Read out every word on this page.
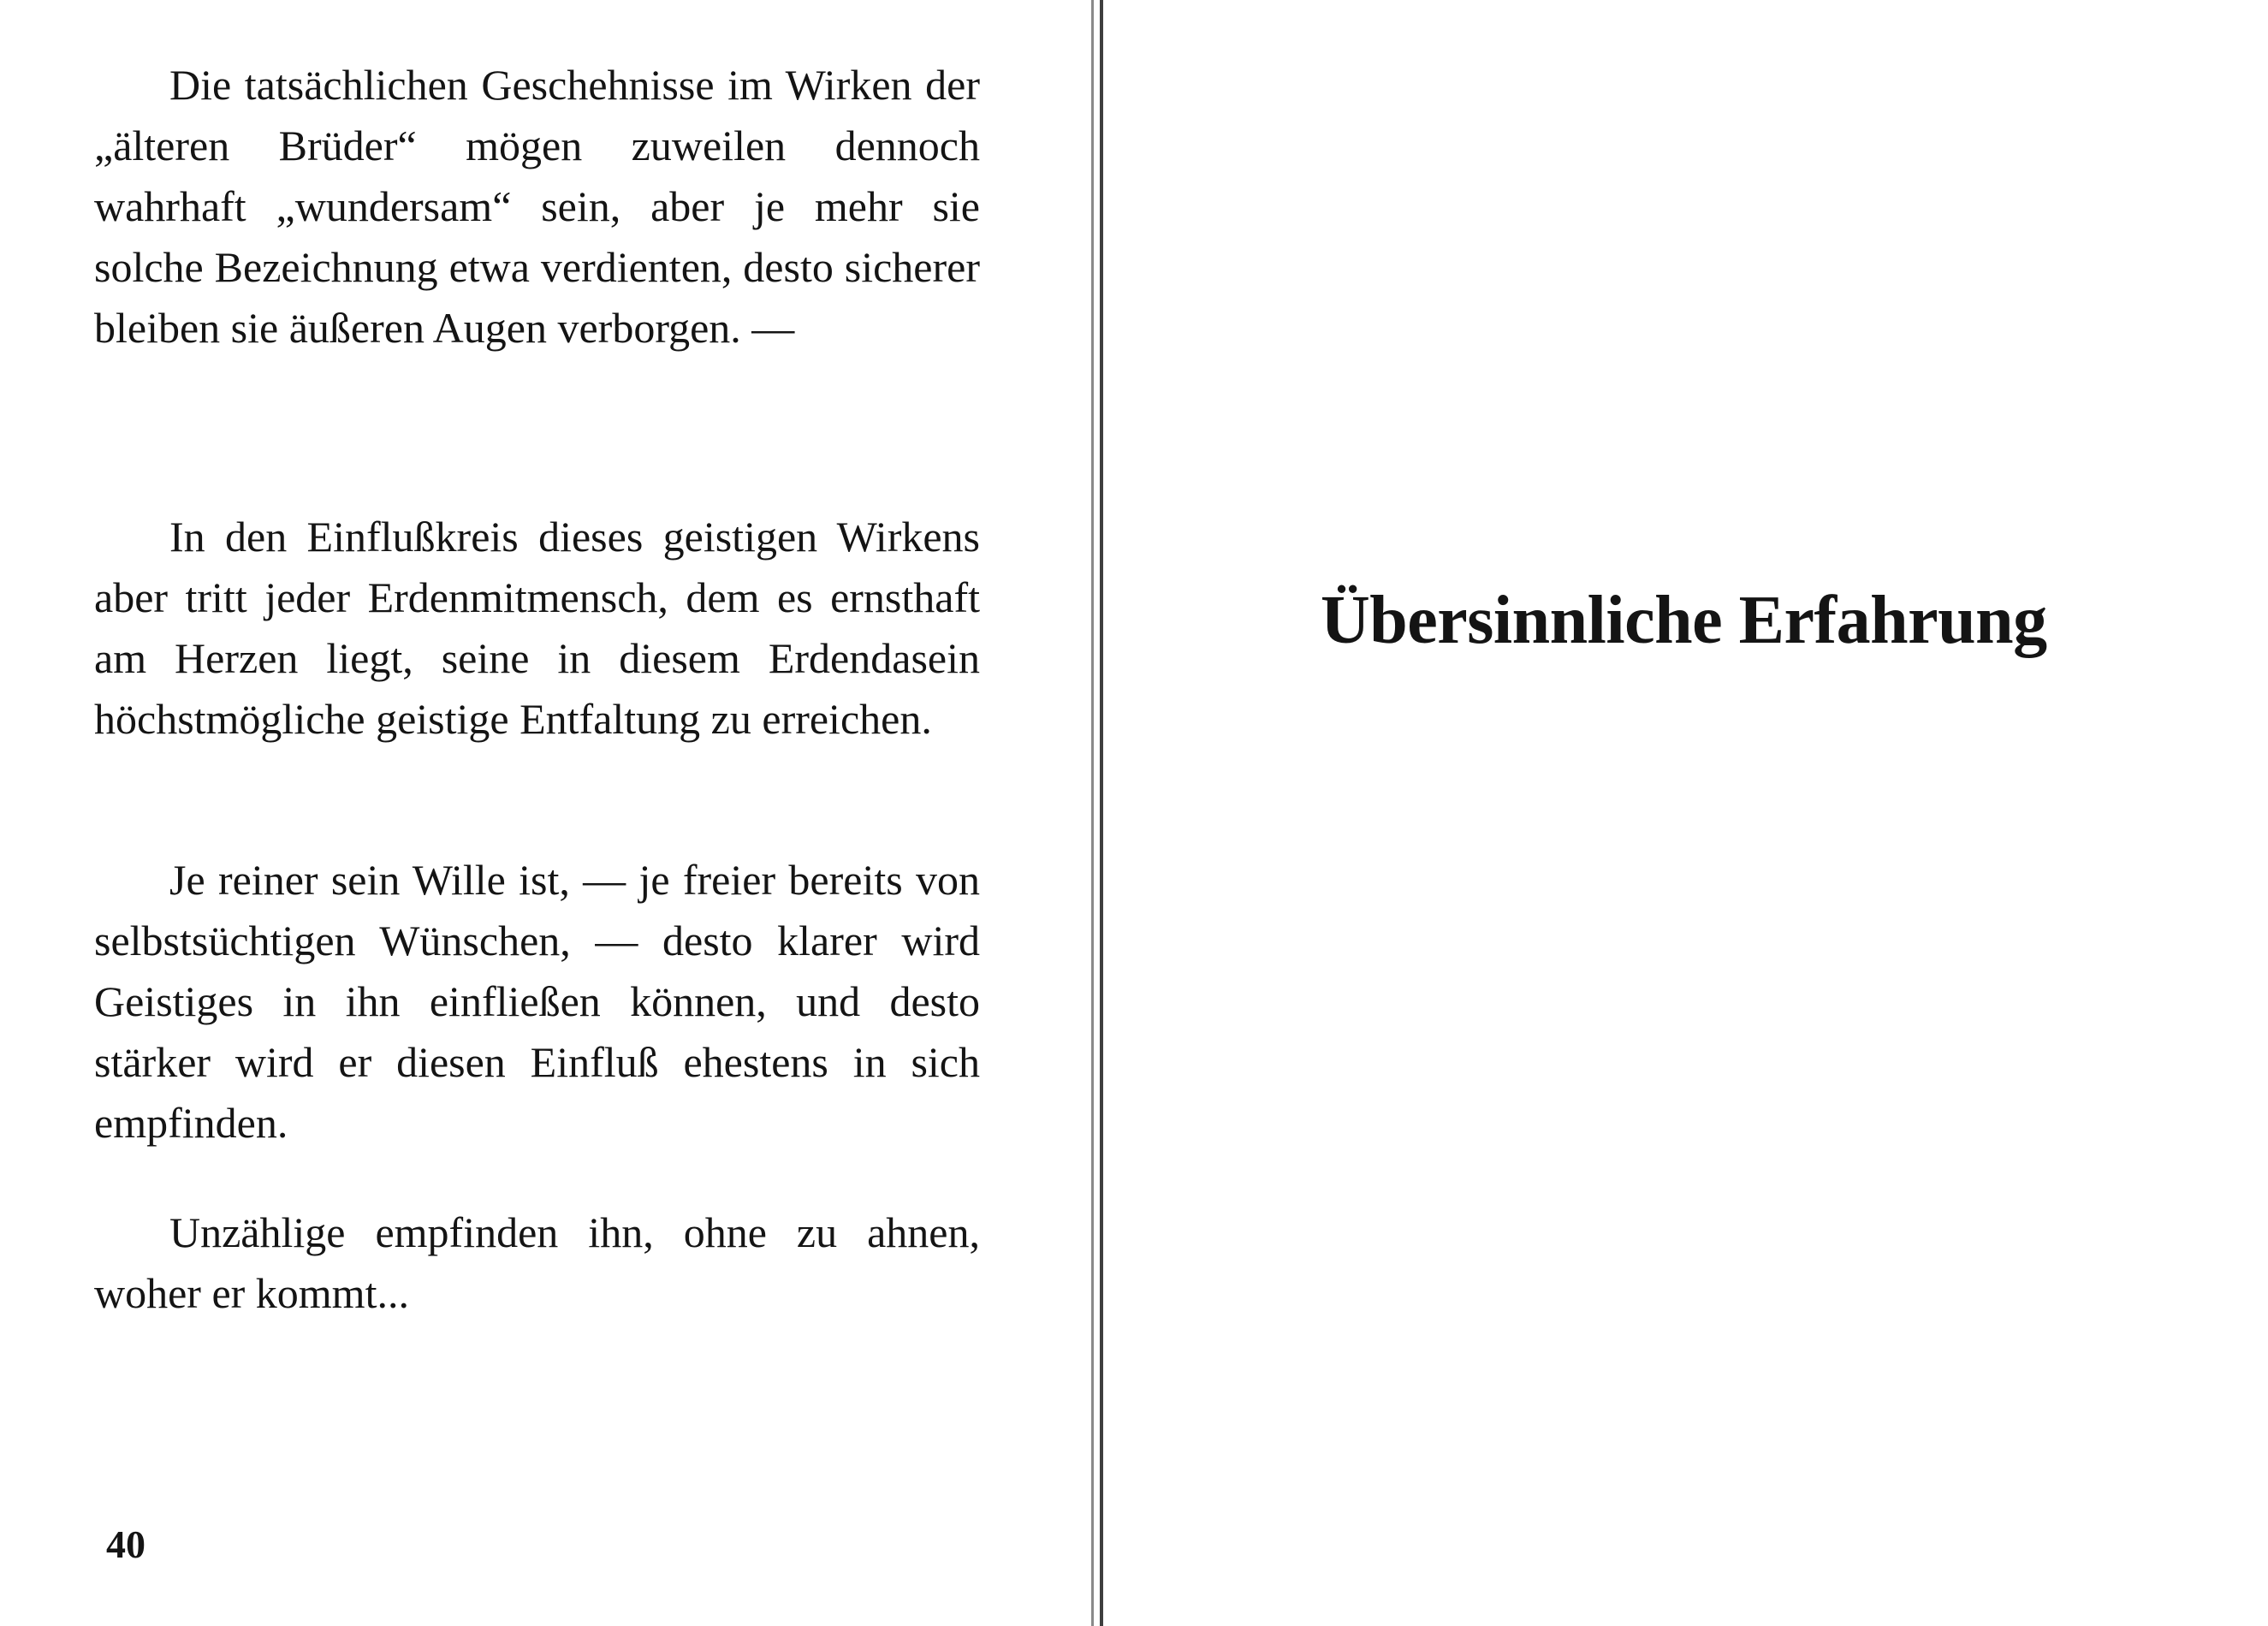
Die tatsächlichen Geschehnisse im Wirken der „älteren Brüder“ mögen zuweilen dennoch wahrhaft „wundersam“ sein, aber je mehr sie solche Bezeichnung etwa verdienten, desto sicherer bleiben sie äußeren Augen verborgen. —

In den Einflußkreis dieses geistigen Wirkens aber tritt jeder Erdenmitmensch, dem es ernsthaft am Herzen liegt, seine in diesem Erdendasein höchstmögliche geistige Entfaltung zu erreichen.

Je reiner sein Wille ist, — je freier bereits von selbstsüchtigen Wünschen, — desto klarer wird Geistiges in ihn einfließen können, und desto stärker wird er diesen Einfluß ehestens in sich empfinden.

Unzählige empfinden ihn, ohne zu ahnen, woher er kommt...

40
Übersinnliche Erfahrung
